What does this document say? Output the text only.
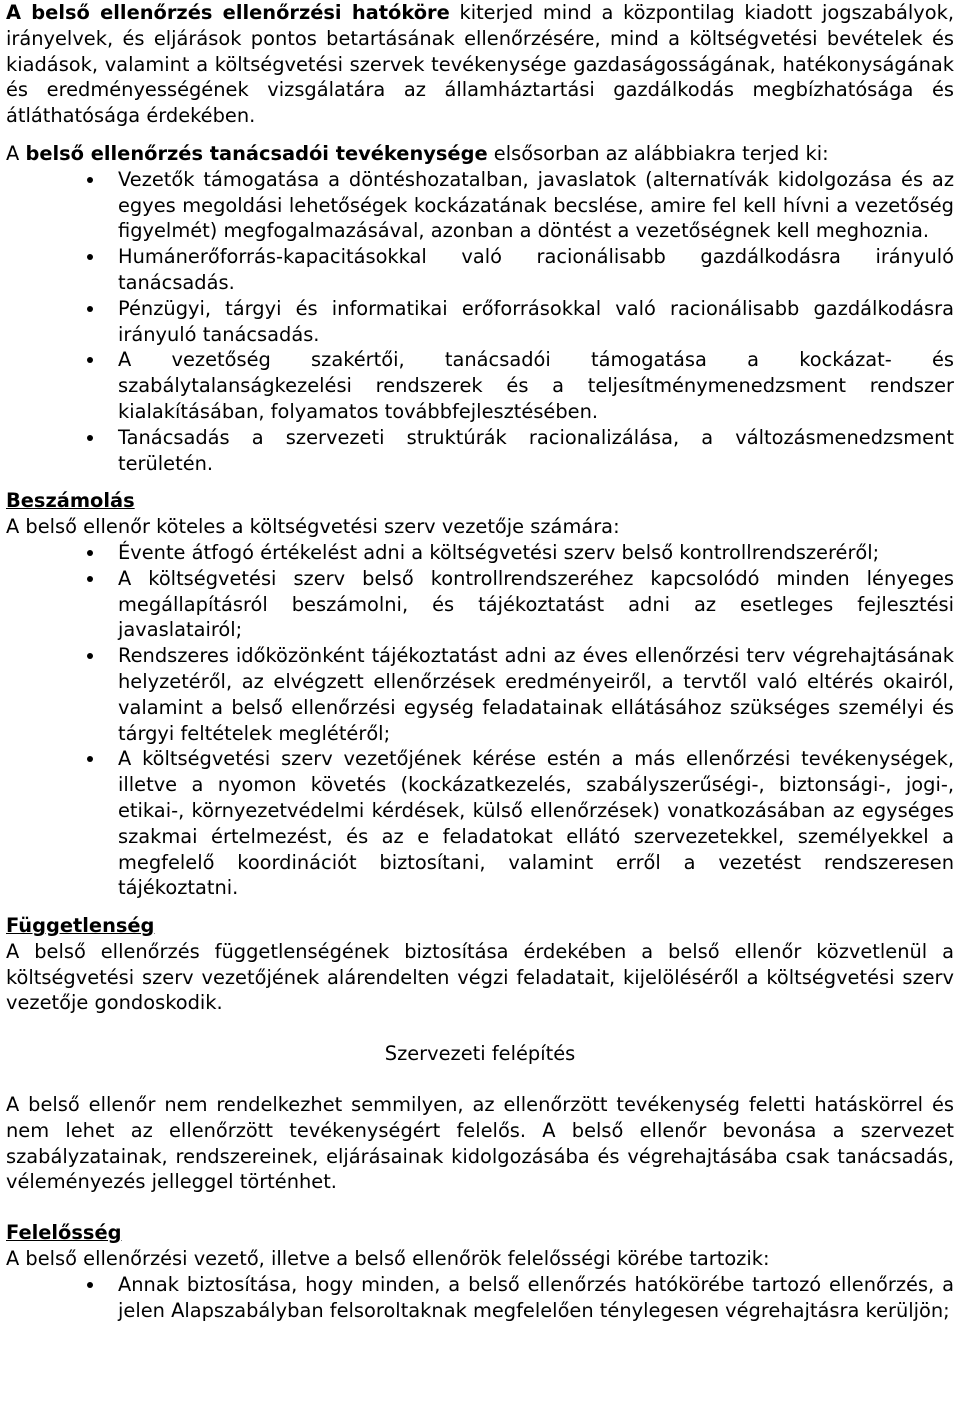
A belső ellenőrzés ellenőrzési hatóköre kiterjed mind a központilag kiadott jogszabályok, irányelvek, és eljárások pontos betartásának ellenőrzésére, mind a költségvetési bevételek és kiadások, valamint a költségvetési szervek tevékenysége gazdaságosságának, hatékonyságának és eredményességének vizsgálatára az államháztartási gazdálkodás megbízhatósága és átláthatósága érdekében.

A belső ellenőrzés tanácsadói tevékenysége elsősorban az alábbiakra terjed ki:

Vezetők támogatása a döntéshozatalban, javaslatok (alternatívák kidolgozása és az egyes megoldási lehetőségek kockázatának becslése, amire fel kell hívni a vezetőség figyelmét) megfogalmazásával, azonban a döntést a vezetőségnek kell meghoznia.
Humánerőforrás-kapacitásokkal való racionálisabb gazdálkodásra irányuló tanácsadás.
Pénzügyi, tárgyi és informatikai erőforrásokkal való racionálisabb gazdálkodásra irányuló tanácsadás.
A vezetőség szakértői, tanácsadói támogatása a kockázat- és szabálytalanságkezelési rendszerek és a teljesítménymenedzsment rendszer kialakításában, folyamatos továbbfejlesztésében.
Tanácsadás a szervezeti struktúrák racionalizálása, a változásmenedzsment területén.

Beszámolás

A belső ellenőr köteles a költségvetési szerv vezetője számára:

Évente átfogó értékelést adni a költségvetési szerv belső kontrollrendszeréről;
A költségvetési szerv belső kontrollrendszeréhez kapcsolódó minden lényeges megállapításról beszámolni, és tájékoztatást adni az esetleges fejlesztési javaslatairól;
Rendszeres időközönként tájékoztatást adni az éves ellenőrzési terv végrehajtásának helyzetéről, az elvégzett ellenőrzések eredményeiről, a tervtől való eltérés okairól, valamint a belső ellenőrzési egység feladatainak ellátásához szükséges személyi és tárgyi feltételek meglétéről;
A költségvetési szerv vezetőjének kérése estén a más ellenőrzési tevékenységek, illetve a nyomon követés (kockázatkezelés, szabályszerűségi-, biztonsági-, jogi-, etikai-, környezetvédelmi kérdések, külső ellenőrzések) vonatkozásában az egységes szakmai értelmezést, és az e feladatokat ellátó szervezetekkel, személyekkel a megfelelő koordinációt biztosítani, valamint erről a vezetést rendszeresen tájékoztatni.

Függetlenség

A belső ellenőrzés függetlenségének biztosítása érdekében a belső ellenőr közvetlenül a költségvetési szerv vezetőjének alárendelten végzi feladatait, kijelöléséről a költségvetési szerv vezetője gondoskodik.

Szervezeti felépítés

A belső ellenőr nem rendelkezhet semmilyen, az ellenőrzött tevékenység feletti hatáskörrel és nem lehet az ellenőrzött tevékenységért felelős. A belső ellenőr bevonása a szervezet szabályzatainak, rendszereinek, eljárásainak kidolgozásába és végrehajtásába csak tanácsadás, véleményezés jelleggel történhet.

Felelősség

A belső ellenőrzési vezető, illetve a belső ellenőrök felelősségi körébe tartozik:

Annak biztosítása, hogy minden, a belső ellenőrzés hatókörébe tartozó ellenőrzés, a jelen Alapszabályban felsoroltaknak megfelelően ténylegesen végrehajtásra kerüljön;
